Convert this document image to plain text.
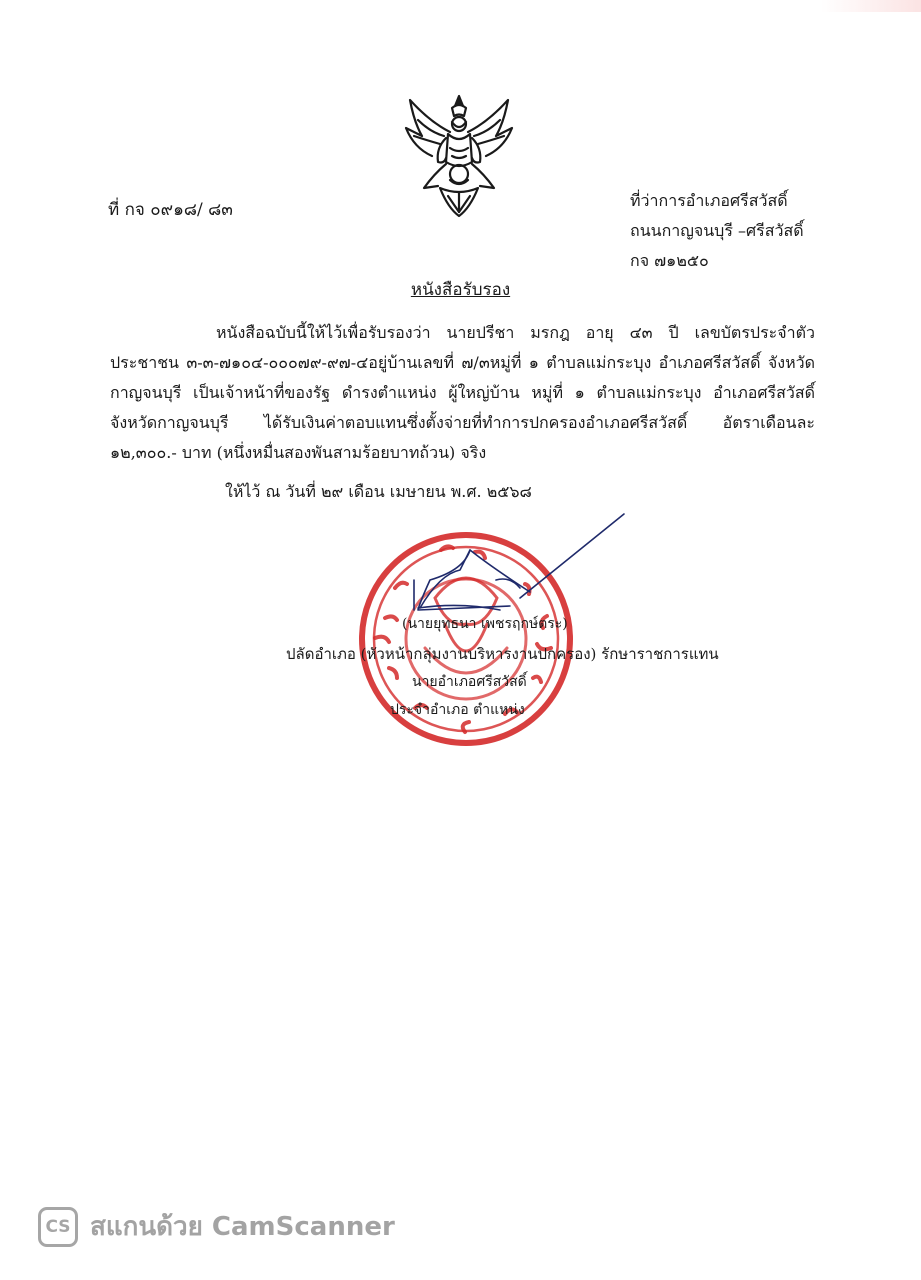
ที่ กจ ๐๙๑๘/ ๘๓	ที่ว่าการอำเภอศรีสวัสดิ์
ถนนกาญจนบุรี –ศรีสวัสดิ์
กจ ๗๑๒๕๐
หนังสือรับรอง
หนังสือฉบับนี้ให้ไว้เพื่อรับรองว่า นายปรีชา มรกฎ อายุ ๔๓ ปี เลขบัตรประจำตัวประชาชน ๓-๓-๗๑๐๔-๐๐๐๗๙-๙๗-๔อยู่บ้านเลขที่ ๗/๓หมู่ที่ ๑ ตำบลแม่กระบุง อำเภอศรีสวัสดิ์ จังหวัดกาญจนบุรี เป็นเจ้าหน้าที่ของรัฐ ดำรงตำแหน่ง ผู้ใหญ่บ้าน หมู่ที่ ๑ ตำบลแม่กระบุง อำเภอศรีสวัสดิ์ จังหวัดกาญจนบุรี ได้รับเงินค่าตอบแทนซึ่งตั้งจ่ายที่ทำการปกครองอำเภอศรีสวัสดิ์ อัตราเดือนละ ๑๒,๓๐๐.- บาท (หนึ่งหมื่นสองพันสามร้อยบาทถ้วน) จริง
ให้ไว้ ณ วันที่ ๒๙ เดือน เมษายน พ.ศ. ๒๕๖๘
(นายยุทธนา เพชรฤกษ์ตระ)
ปลัดอำเภอ (หัวหน้ากลุ่มงานบริหารงานปกครอง) รักษาราชการแทน
นายอำเภอศรีสวัสดิ์
ประจำอำเภอ ตำแหน่ง
CS สแกนด้วย CamScanner
